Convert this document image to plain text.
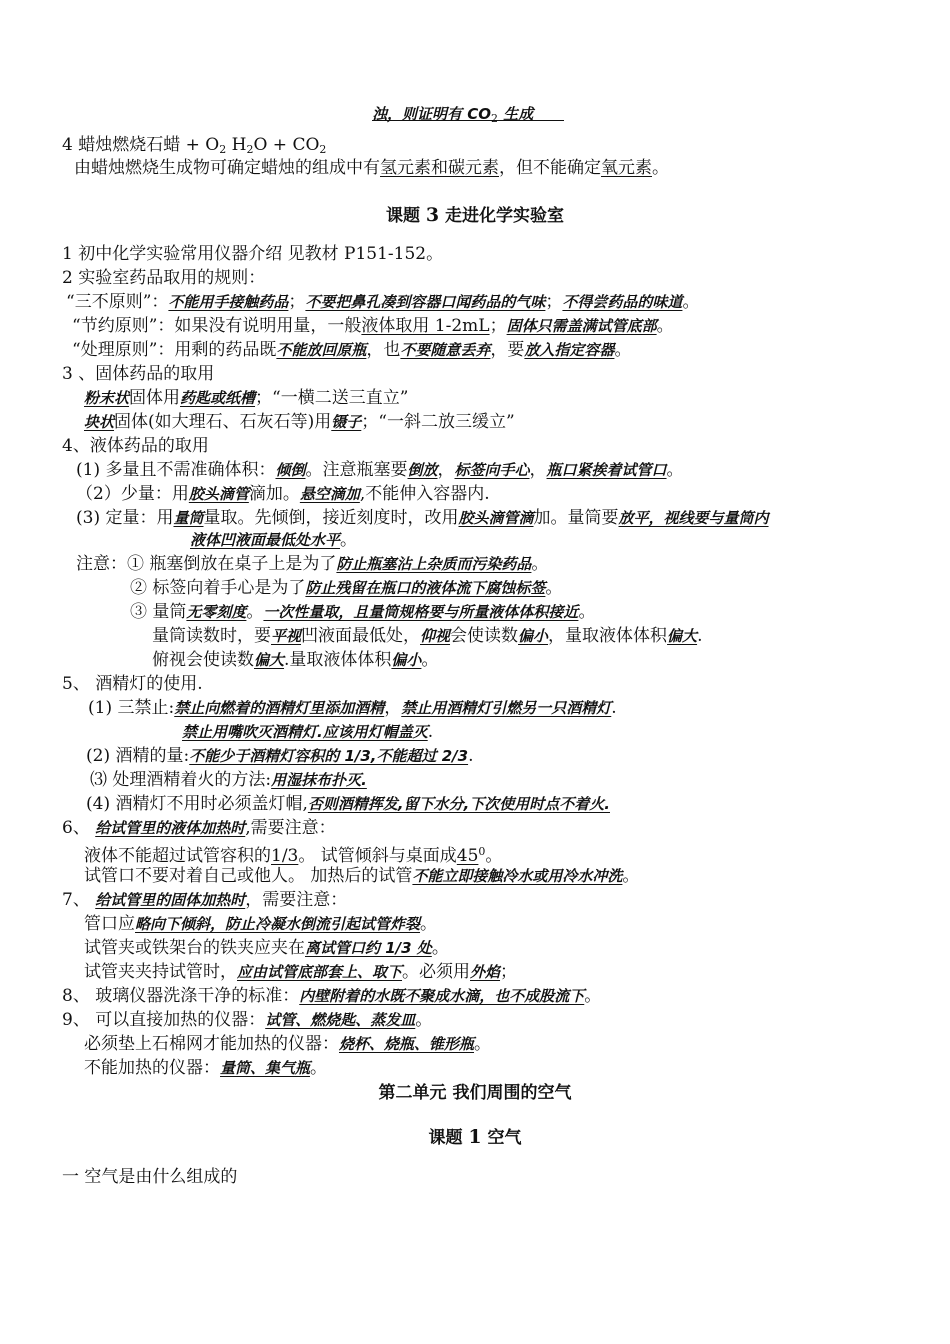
浊，则证明有 $CO_2$ 生成
4 蜡烛燃烧石蜡 + $O_2$ $H_2O + CO_2$
由蜡烛燃烧生成物可确定蜡烛的组成中有氢元素和碳元素，但不能确定氧元素。
课题 3 走进化学实验室
1 初中化学实验常用仪器介绍 见教材 P151-152。
2 实验室药品取用的规则：
“三不原则”：不能用手接触药品；不要把鼻孔凑到容器口闻药品的气味；不得尝药品的味道。
“节约原则”：如果没有说明用量，一般液体取用 1-2mL；固体只需盖满试管底部。
“处理原则”：用剩的药品既不能放回原瓶，也不要随意丢弃，要放入指定容器。
3 、固体药品的取用
粉末状固体用药匙或纸槽；“一横二送三直立”
块状固体(如大理石、石灰石等)用镊子；“一斜二放三缓立”
4、液体药品的取用
(1) 多量且不需准确体积：倾倒。注意瓶塞要倒放，标签向手心，瓶口紧挨着试管口。
（2）少量：用胶头滴管滴加。悬空滴加,不能伸入容器内.
(3) 定量：用量筒量取。先倾倒，接近刻度时，改用胶头滴管滴加。量筒要放平，视线要与量筒内
液体凹液面最低处水平。
注意：① 瓶塞倒放在桌子上是为了防止瓶塞沾上杂质而污染药品。
② 标签向着手心是为了防止残留在瓶口的液体流下腐蚀标签。
③ 量筒无零刻度。一次性量取，且量筒规格要与所量液体体积接近。
量筒读数时，要平视凹液面最低处，仰视会使读数偏小，量取液体体积偏大.
俯视会使读数偏大.量取液体体积偏小。
5、 酒精灯的使用.
(1) 三禁止:禁止向燃着的酒精灯里添加酒精，禁止用酒精灯引燃另一只酒精灯.
禁止用嘴吹灭酒精灯.应该用灯帽盖灭.
(2) 酒精的量:不能少于酒精灯容积的 1/3,不能超过 2/3.
⑶ 处理酒精着火的方法:用湿抹布扑灭.
(4) 酒精灯不用时必须盖灯帽,否则酒精挥发,留下水分,下次使用时点不着火.
6、 给试管里的液体加热时,需要注意：
液体不能超过试管容积的1/3。 试管倾斜与桌面成$45^0$。
试管口不要对着自己或他人。 加热后的试管不能立即接触冷水或用冷水冲洗。
7、 给试管里的固体加热时，需要注意：
管口应略向下倾斜，防止冷凝水倒流引起试管炸裂。
试管夹或铁架台的铁夹应夹在离试管口约 1/3 处。
试管夹夹持试管时，应由试管底部套上、取下。必须用外焰；
8、 玻璃仪器洗涤干净的标准：内壁附着的水既不聚成水滴，也不成股流下。
9、 可以直接加热的仪器：试管、燃烧匙、蒸发皿。
必须垫上石棉网才能加热的仪器：烧杯、烧瓶、锥形瓶。
不能加热的仪器：量筒、集气瓶。
第二单元 我们周围的空气
课题 1 空气
一 空气是由什么组成的
